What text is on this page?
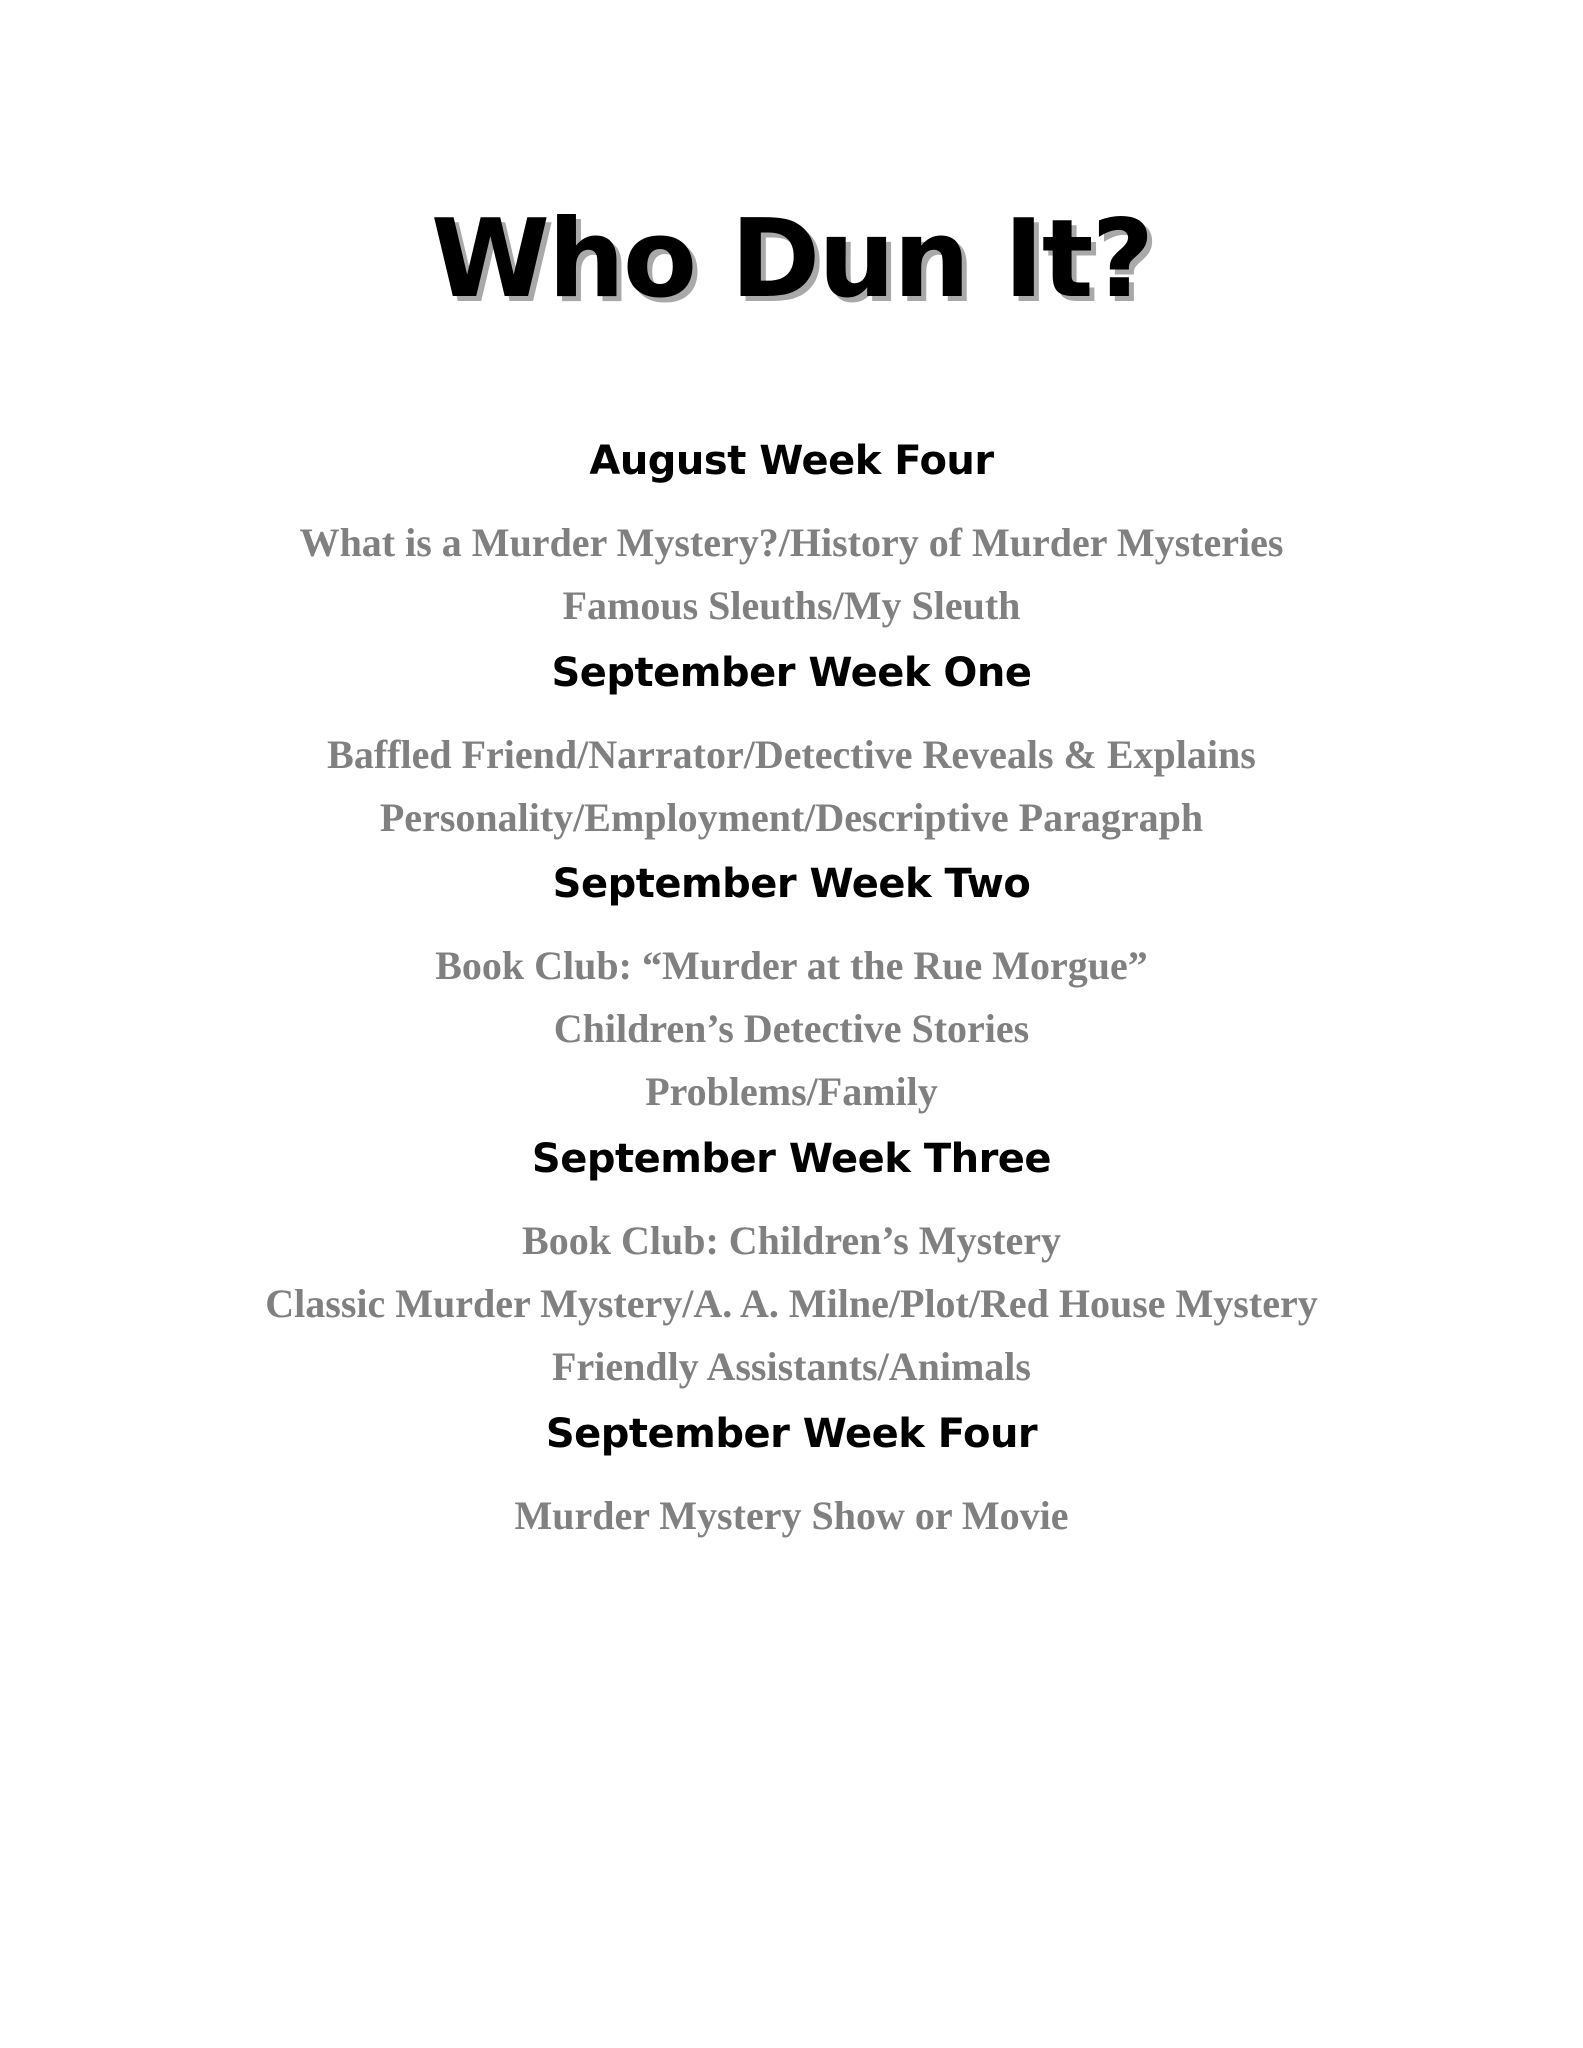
Who Dun It?
August Week Four
What is a Murder Mystery?/History of Murder Mysteries
Famous Sleuths/My Sleuth
September Week One
Baffled Friend/Narrator/Detective Reveals & Explains
Personality/Employment/Descriptive Paragraph
September Week Two
Book Club: “Murder at the Rue Morgue”
Children’s Detective Stories
Problems/Family
September Week Three
Book Club: Children’s Mystery
Classic Murder Mystery/A. A. Milne/Plot/Red House Mystery
Friendly Assistants/Animals
September Week Four
Murder Mystery Show or Movie
